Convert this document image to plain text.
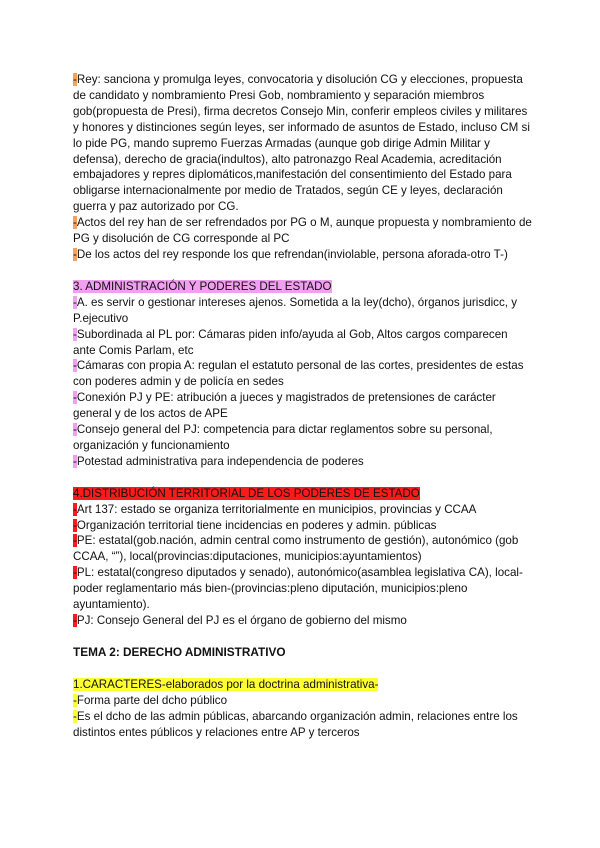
-Rey: sanciona y promulga leyes, convocatoria y disolución CG y elecciones, propuesta de candidato y nombramiento Presi Gob, nombramiento y separación miembros gob(propuesta de Presi), firma decretos Consejo Min, conferir empleos civiles y militares y honores y distinciones según leyes, ser informado de asuntos de Estado, incluso CM si lo pide PG, mando supremo Fuerzas Armadas (aunque gob dirige Admin Militar y defensa), derecho de gracia(indultos), alto patronazgo Real Academia, acreditación embajadores y repres diplomáticos,manifestación del consentimiento del Estado para obligarse internacionalmente por medio de Tratados, según CE y leyes, declaración guerra y paz autorizado por CG.

-Actos del rey han de ser refrendados por PG o M, aunque propuesta y nombramiento de PG y disolución de CG corresponde al PC

-De los actos del rey responde los que refrendan(inviolable, persona aforada-otro T-)

3. ADMINISTRACIÓN Y PODERES DEL ESTADO

-A. es servir o gestionar intereses ajenos. Sometida a la ley(dcho), órganos jurisdicc, y P.ejecutivo

-Subordinada al PL por: Cámaras piden info/ayuda al Gob, Altos cargos comparecen ante Comis Parlam, etc

-Cámaras con propia A: regulan el estatuto personal de las cortes, presidentes de estas con poderes admin y de policía en sedes

-Conexión PJ y PE: atribución a jueces y magistrados de pretensiones de carácter general y de los actos de APE

-Consejo general del PJ: competencia para dictar reglamentos sobre su personal, organización y funcionamiento

-Potestad administrativa para independencia de poderes

4.DISTRIBUCIÓN TERRITORIAL DE LOS PODERES DE ESTADO

-Art 137: estado se organiza territorialmente en municipios, provincias y CCAA

-Organización territorial tiene incidencias en poderes y admin. públicas

-PE: estatal(gob.nación, admin central como instrumento de gestión), autonómico (gob CCAA, “”), local(provincias:diputaciones, municipios:ayuntamientos)

-PL: estatal(congreso diputados y senado), autonómico(asamblea legislativa CA), local-poder reglamentario más bien-(provincias:pleno diputación, municipios:pleno ayuntamiento).

-PJ: Consejo General del PJ es el órgano de gobierno del mismo

TEMA 2: DERECHO ADMINISTRATIVO

1.CARACTERES-elaborados por la doctrina administrativa-

-Forma parte del dcho público

-Es el dcho de las admin públicas, abarcando organización admin, relaciones entre los distintos entes públicos y relaciones entre AP y terceros
